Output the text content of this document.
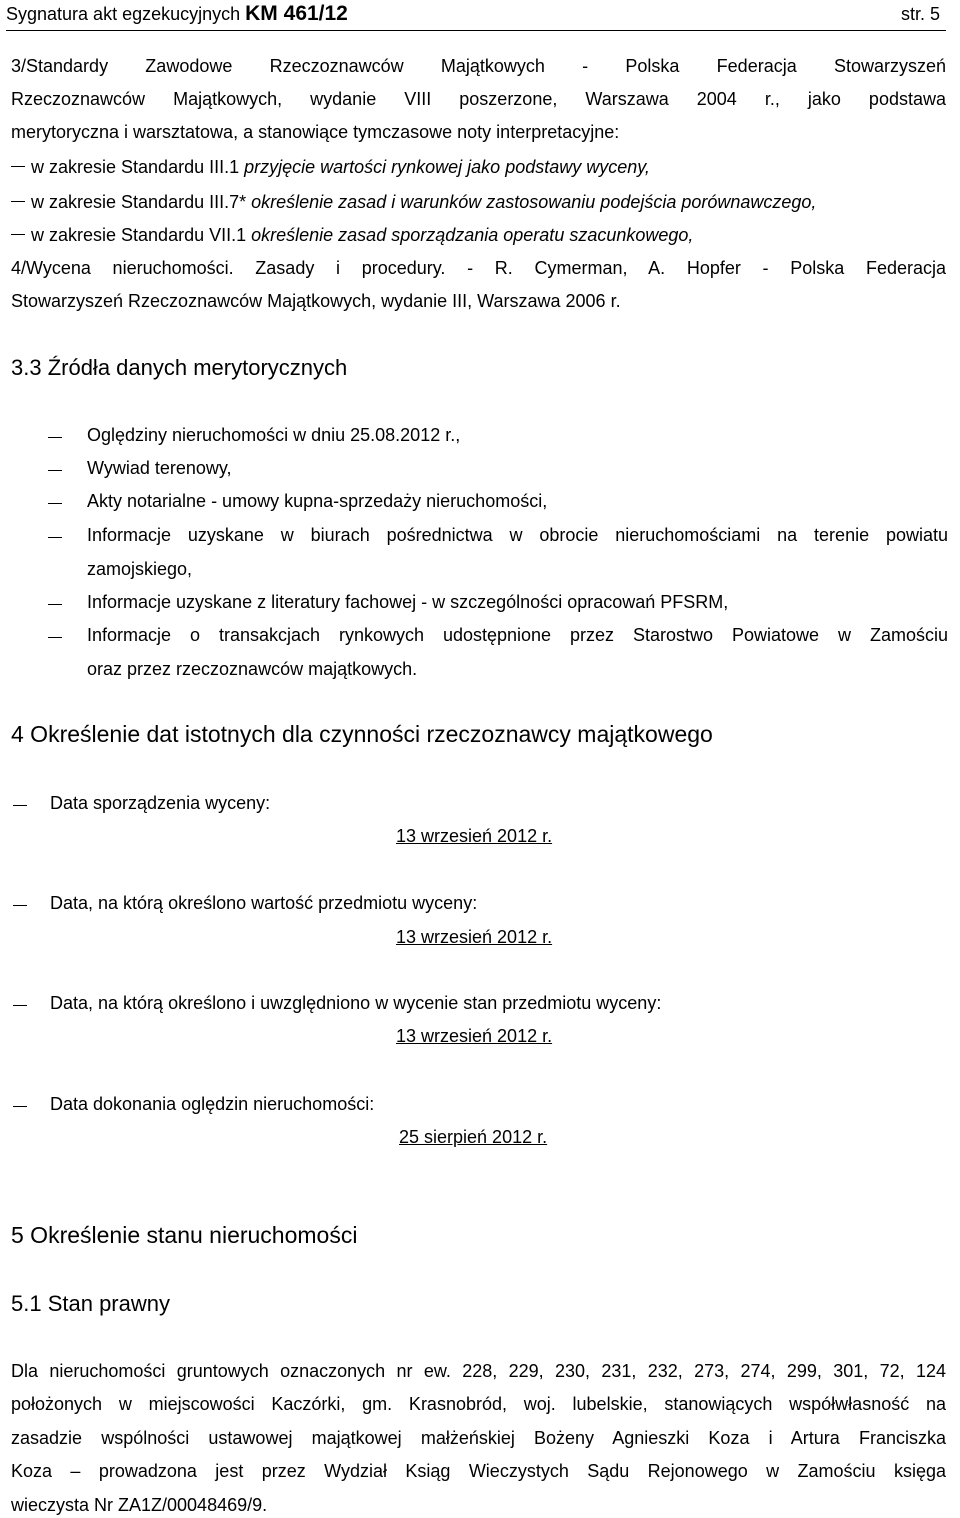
Sygnatura akt egzekucyjnych KM 461/12	str. 5
3/Standardy Zawodowe Rzeczoznawców Majątkowych - Polska Federacja Stowarzyszeń
Rzeczoznawców Majątkowych, wydanie VIII poszerzone, Warszawa 2004 r., jako podstawa
merytoryczna i warsztatowa, a stanowiące tymczasowe noty interpretacyjne:
w zakresie Standardu III.1 przyjęcie wartości rynkowej jako podstawy wyceny,
w zakresie Standardu III.7* określenie zasad i warunków zastosowaniu podejścia porównawczego,
w zakresie Standardu VII.1 określenie zasad sporządzania operatu szacunkowego,
4/Wycena nieruchomości. Zasady i procedury. - R. Cymerman, A. Hopfer - Polska Federacja
Stowarzyszeń Rzeczoznawców Majątkowych, wydanie III, Warszawa 2006 r.
3.3 Źródła danych merytorycznych
Oględziny nieruchomości w dniu 25.08.2012 r.,
Wywiad terenowy,
Akty notarialne - umowy kupna-sprzedaży nieruchomości,
Informacje uzyskane w biurach pośrednictwa w obrocie nieruchomościami na terenie powiatu
zamojskiego,
Informacje uzyskane z literatury fachowej - w szczególności opracowań PFSRM,
Informacje o transakcjach rynkowych udostępnione przez Starostwo Powiatowe w Zamościu
oraz przez rzeczoznawców majątkowych.
4 Określenie dat istotnych dla czynności rzeczoznawcy majątkowego
Data sporządzenia wyceny:
13 wrzesień 2012 r.
Data, na którą określono wartość przedmiotu wyceny:
13 wrzesień 2012 r.
Data, na którą określono i uwzględniono w wycenie stan przedmiotu wyceny:
13 wrzesień 2012 r.
Data dokonania oględzin nieruchomości:
25 sierpień 2012 r.
5 Określenie stanu nieruchomości
5.1 Stan prawny
Dla nieruchomości gruntowych oznaczonych nr ew. 228, 229, 230, 231, 232, 273, 274, 299, 301, 72, 124
położonych w miejscowości Kaczórki, gm. Krasnobród, woj. lubelskie, stanowiących współwłasność na
zasadzie wspólności ustawowej majątkowej małżeńskiej Bożeny Agnieszki Koza i Artura Franciszka
Koza – prowadzona jest przez Wydział Ksiąg Wieczystych Sądu Rejonowego w Zamościu księga
wieczysta Nr ZA1Z/00048469/9.
